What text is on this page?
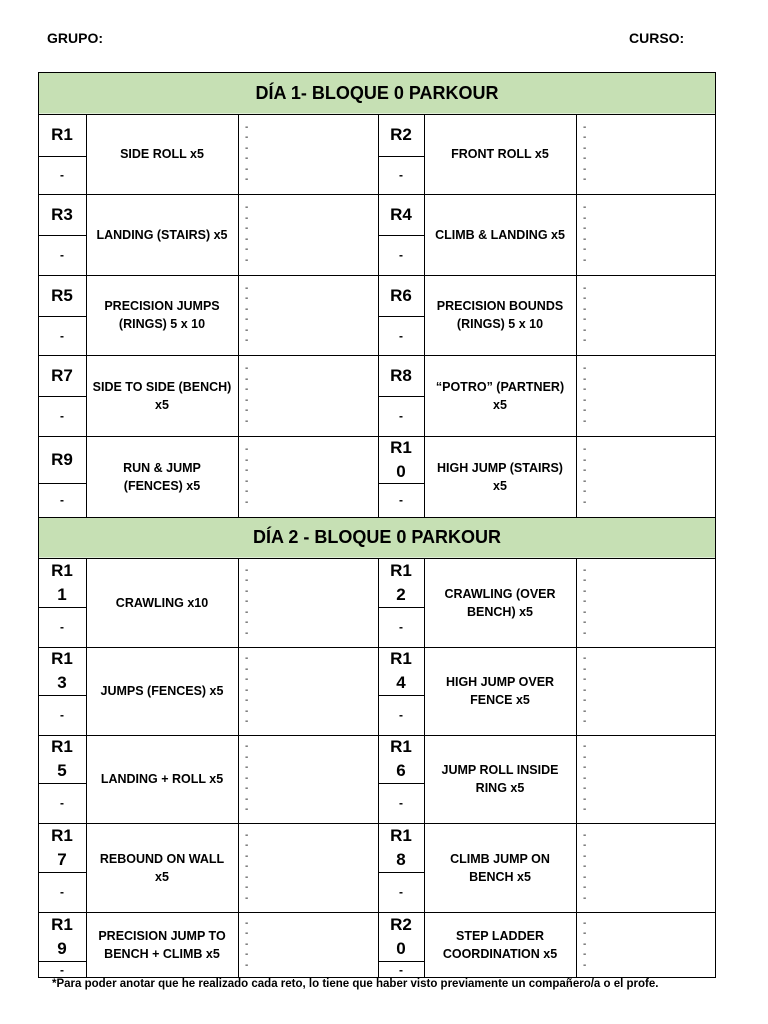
GRUPO:	CURSO:
DÍA 1- BLOQUE 0 PARKOUR
DÍA 2 - BLOQUE 0 PARKOUR
R1
-
SIDE ROLL x5
-
-
-
-
-
-
R2
-
FRONT ROLL x5
-
-
-
-
-
-
R3
-
LANDING (STAIRS) x5
-
-
-
-
-
-
R4
-
CLIMB & LANDING x5
-
-
-
-
-
-
R5
-
PRECISION JUMPS (RINGS) 5 x 10
-
-
-
-
-
-
R6
-
PRECISION BOUNDS (RINGS) 5 x 10
-
-
-
-
-
-
R7
-
SIDE TO SIDE (BENCH) x5
-
-
-
-
-
-
R8
-
“POTRO” (PARTNER) x5
-
-
-
-
-
-
R9
-
RUN & JUMP (FENCES) x5
-
-
-
-
-
-
R1
0
-
HIGH JUMP (STAIRS) x5
-
-
-
-
-
-
R1
1
-
CRAWLING x10
-
-
-
-
-
-
-
R1
2
-
CRAWLING (OVER BENCH) x5
-
-
-
-
-
-
-
R1
3
-
JUMPS (FENCES) x5
-
-
-
-
-
-
-
R1
4
-
HIGH JUMP OVER FENCE x5
-
-
-
-
-
-
-
R1
5
-
LANDING + ROLL x5
-
-
-
-
-
-
-
R1
6
-
JUMP ROLL INSIDE RING x5
-
-
-
-
-
-
-
R1
7
-
REBOUND ON WALL x5
-
-
-
-
-
-
-
R1
8
-
CLIMB JUMP ON BENCH x5
-
-
-
-
-
-
-
R1
9
-
PRECISION JUMP TO BENCH + CLIMB x5
-
-
-
-
-
R2
0
-
STEP LADDER COORDINATION x5
-
-
-
-
-
*Para poder anotar que he realizado cada reto, lo tiene que haber visto previamente un compañero/a o el profe.
